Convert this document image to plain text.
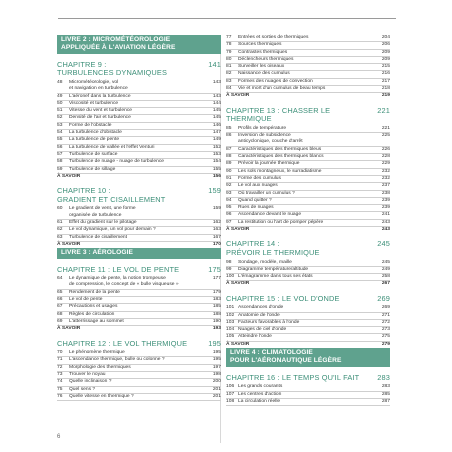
LIVRE 2 : MICROMÉTÉOROLOGIE
APPLIQUÉE À L'AVIATION LÉGÈRE
CHAPITRE 9 :
TURBULENCES DYNAMIQUES
141
48	Micrométéorologie, vol
et navigation en turbulence
143
49	L'aéronef dans la turbulence	143
50	Viscosité et turbulence	144
51	Vitesse du vent et turbulence	145
52	Densité de l'air et turbulence	145
53	Forme de l'obstacle	146
54	La turbulence d'obstacle	147
55	La turbulence de pente	149
56	La turbulence de vallée et l'effet Venturi	152
57	Turbulence de surface	153
58	Turbulence de nuage - nuage de turbulence	154
59	Turbulence de sillage	155
À SAVOIR	156
CHAPITRE 10 :
GRADIENT ET CISAILLEMENT
159
60	Le gradient de vent, une forme
organisée de turbulence
159
61	Effet du gradient sur le pilotage	162
62	Le vol dynamique, un vol pour demain ?	163
63	Turbulence de cisaillement	167
À SAVOIR	170
LIVRE 3 : AÉROLOGIE
CHAPITRE 11 : LE VOL DE PENTE	175
64	Le dynamique de pente, la notion trompeuse
de compression, le concept de « bulle visqueuse »
177
65	Rendement de la pente	179
66	Le vol de pente	183
67	Précautions et usages	185
68	Règles de circulation	188
69	L'atterrissage au sommet	190
À SAVOIR	193
CHAPITRE 12 : LE VOL THERMIQUE	195
70	Le phénomène thermique	195
71	L'ascendance thermique, bulle ou colonne ?	195
72	Morphologie des thermiques	197
73	Trouver le noyau	198
74	Quelle inclinaison ?	200
75	Quel sens ?	201
76	Quelle vitesse en thermique ?	201
77	Entrées et sorties de thermiques	204
78	Sources thermiques	206
79	Contrastes thermiques	209
80	Déclencheurs thermiques	209
81	Surveiller les oiseaux	215
82	Naissance des cumulus	216
83	Formes des nuages de convection	217
84	Vie et mort d'un cumulus de beau temps	218
À SAVOIR	219
CHAPITRE 13 : CHASSER LE THERMIQUE
221
85	Profils de température	221
86	Inversion de subsidence
anticyclonique, couche d'arrêt
225
87	Caractéristiques des thermiques bleus	226
88	Caractéristiques des thermiques blancs	228
89	Prévoir la journée thermique	229
90	Les sols montagneux, le surradiatisme	232
91	Forme des cumulus	232
92	Le vol aux nuages	237
93	Où travailler un cumulus ?	238
94	Quand quitter ?	239
95	Rues de nuages	239
96	Ascendance devant le nuage	241
97	La restitution ou l'art de pomper pépère	243
À SAVOIR	243
CHAPITRE 14 :
PRÉVOIR LE THERMIQUE
245
98	Sondage, modèle, maille	245
99	Diagramme température/altitude	249
100 L'émagramme dans tous ses états	258
À SAVOIR	267
CHAPITRE 15 : LE VOL D'ONDE	269
101 Ascendances d'onde	269
102 Anatomie de l'onde	271
103 Facteurs favorables à l'onde	272
104 Nuages de ciel d'onde	273
105 Atteindre l'onde	275
À SAVOIR	279
LIVRE 4 : CLIMATOLOGIE
POUR L'AÉRONAUTIQUE LÉGÈRE
CHAPITRE 16 : LE TEMPS QU'IL FAIT 283
106 Les grands courants	283
107 Les centres d'action	285
108 La circulation réelle	287
6
